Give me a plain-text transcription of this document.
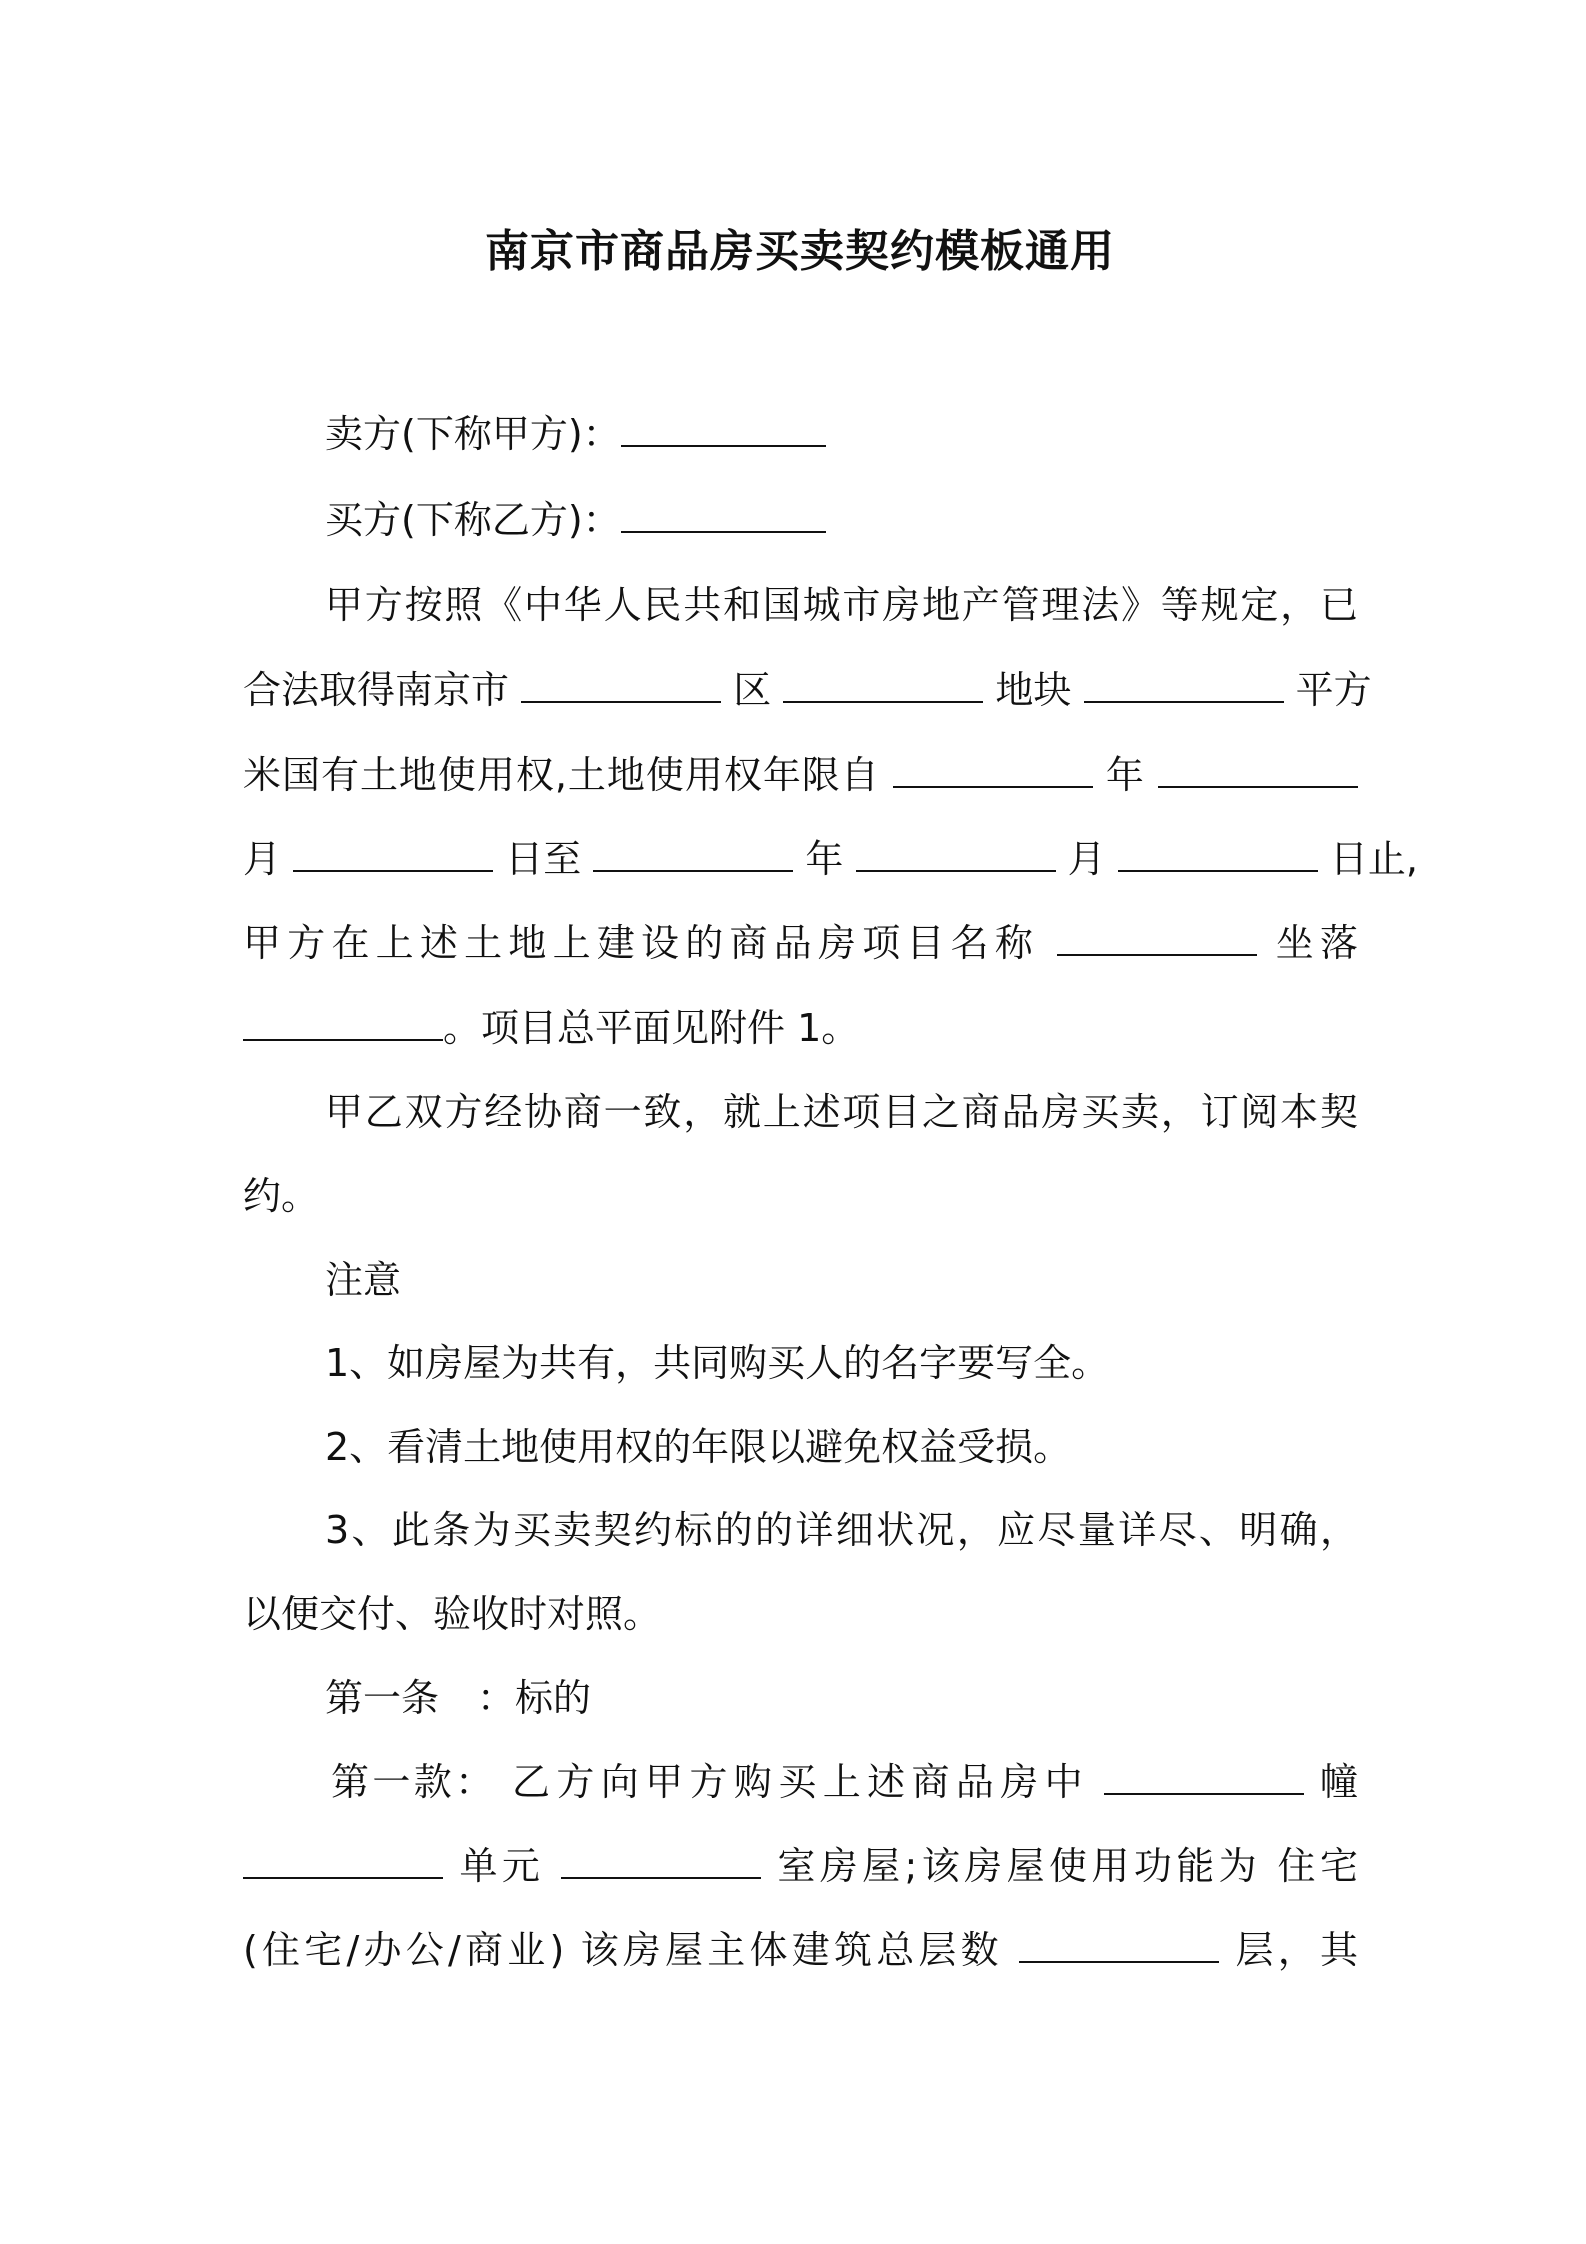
南京市商品房买卖契约模板通用

卖方(下称甲方)：

买方(下称乙方)：

甲方按照《中华人民共和国城市房地产管理法》等规定，已

合法取得南京市	区	地块	平方

米国有土地使用权,土地使用权年限自	年

月	日至	年	月	日止,

甲方在上述土地上建设的商品房项目名称	坐落

。项目总平面见附件 1。

甲乙双方经协商一致，就上述项目之商品房买卖，订阅本契

约。

注意

1、如房屋为共有，共同购买人的名字要写全。

2、看清土地使用权的年限以避免权益受损。

3、此条为买卖契约标的的详细状况，应尽量详尽、明确，

以便交付、验收时对照。

第一条　：标的

第一款： 乙方向甲方购买上述商品房中	幢

单元	室房屋;该房屋使用功能为 住宅

(住宅/办公/商业) 该房屋主体建筑总层数	层，其
